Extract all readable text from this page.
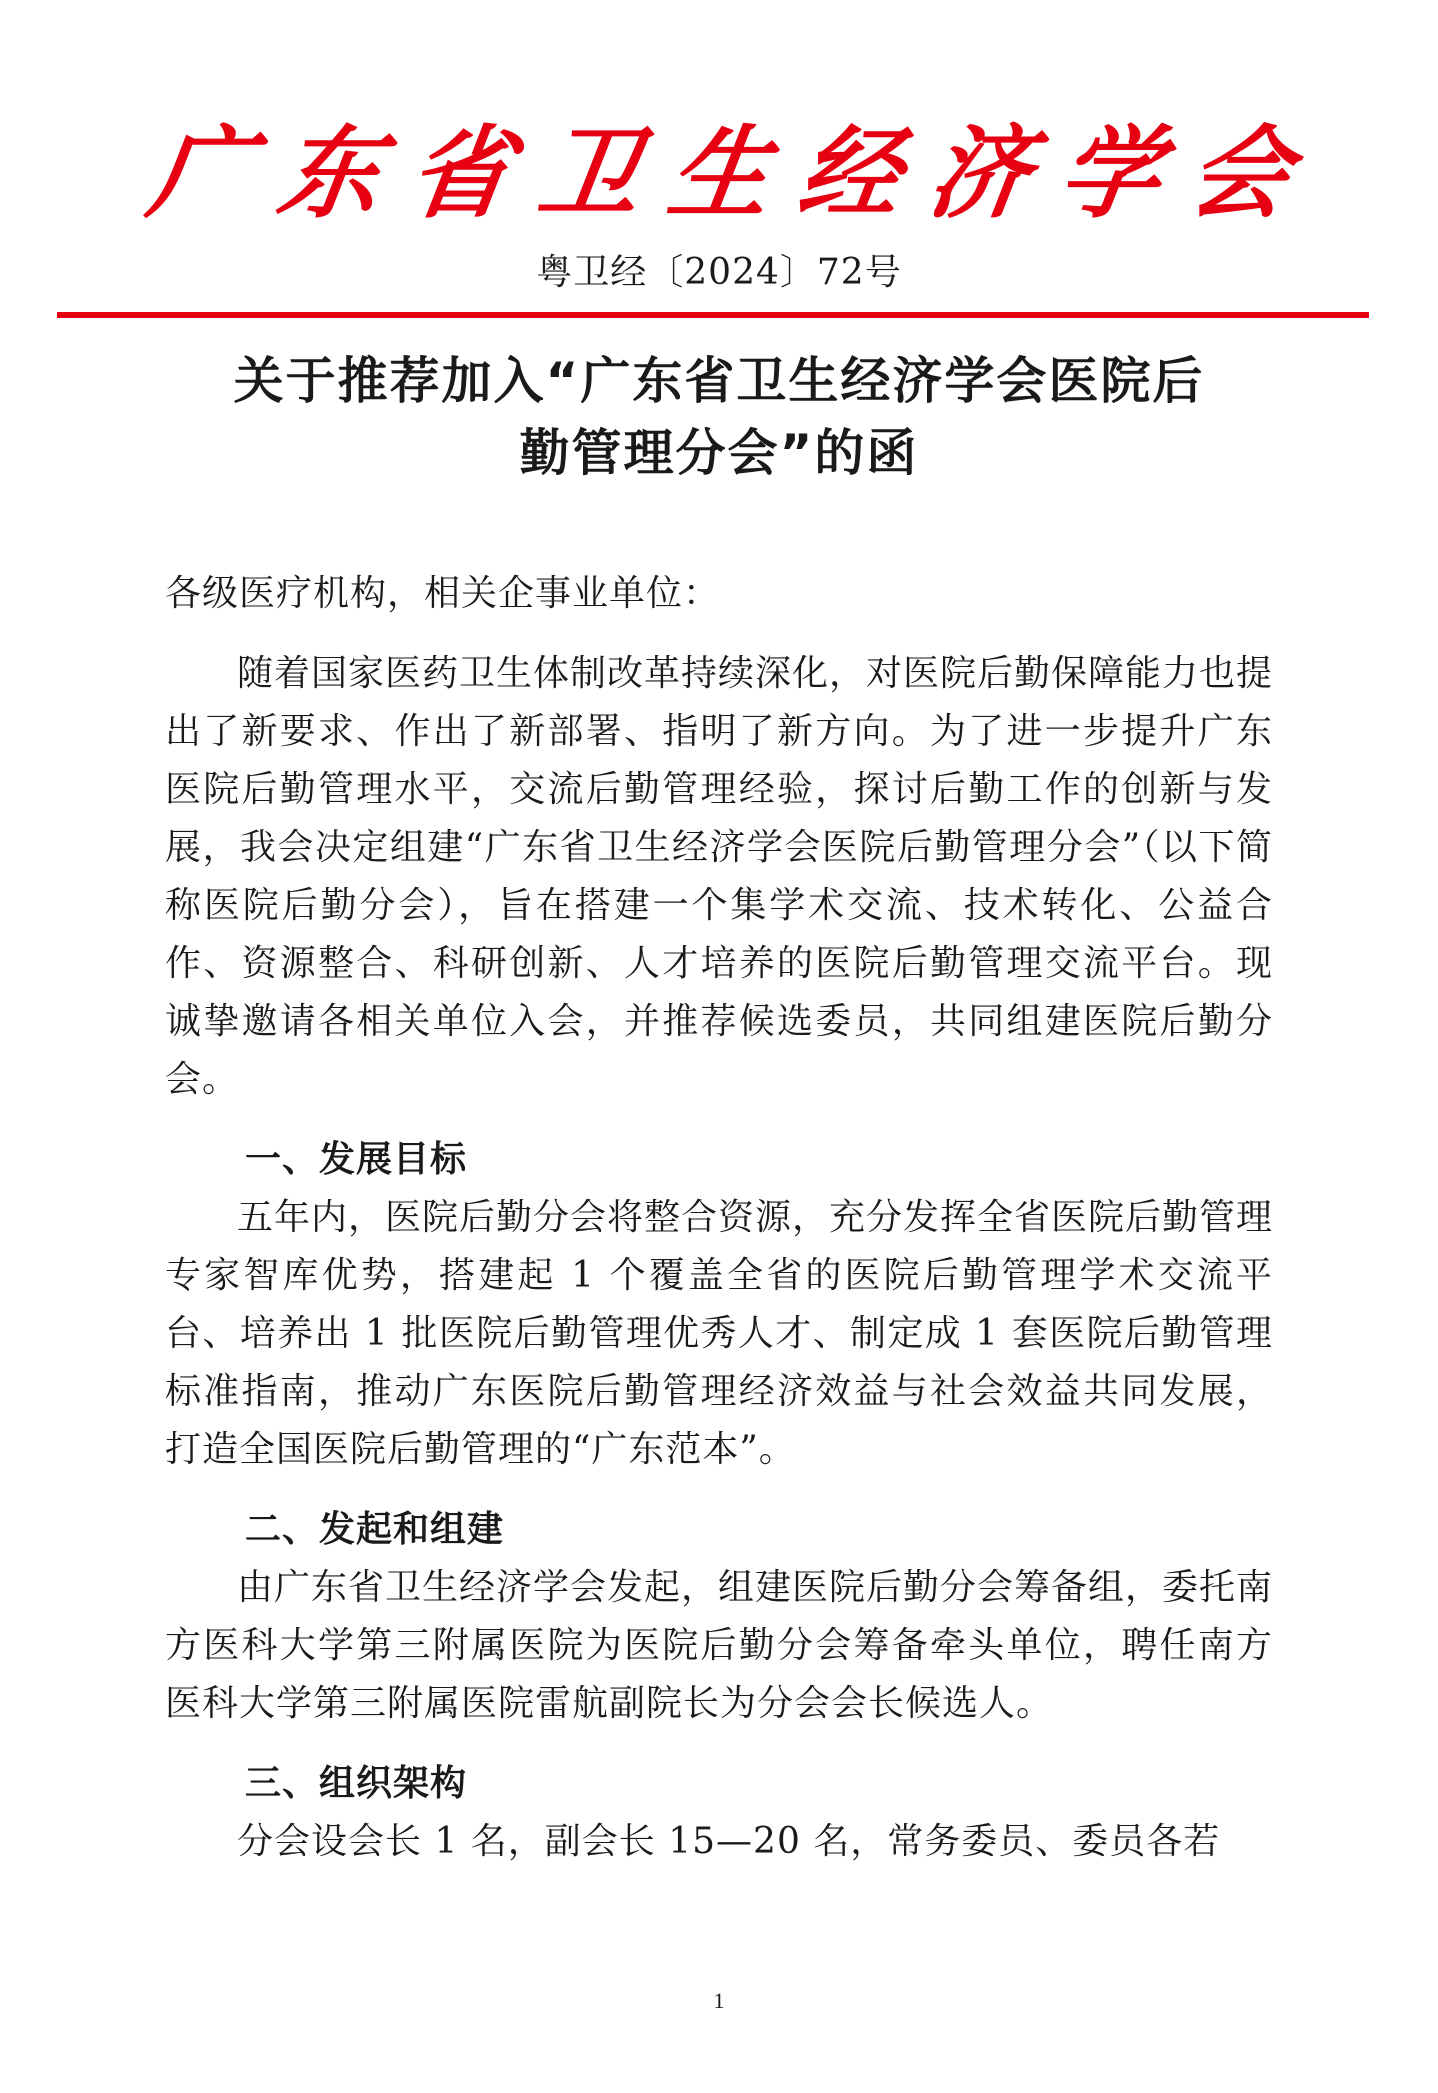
广 东 省 卫 生 经 济 学 会
粤卫经〔2024〕72号
关于推荐加入“广东省卫生经济学会医院后
勤管理分会”的函

各级医疗机构，相关企事业单位：

随着国家医药卫生体制改革持续深化，对医院后勤保障能力也提出了新要求、作出了新部署、指明了新方向。为了进一步提升广东医院后勤管理水平，交流后勤管理经验，探讨后勤工作的创新与发展，我会决定组建“广东省卫生经济学会医院后勤管理分会”（以下简称医院后勤分会），旨在搭建一个集学术交流、技术转化、公益合作、资源整合、科研创新、人才培养的医院后勤管理交流平台。现诚挚邀请各相关单位入会，并推荐候选委员，共同组建医院后勤分会。

一、发展目标

五年内，医院后勤分会将整合资源，充分发挥全省医院后勤管理专家智库优势，搭建起 1 个覆盖全省的医院后勤管理学术交流平台、培养出 1 批医院后勤管理优秀人才、制定成 1 套医院后勤管理标准指南，推动广东医院后勤管理经济效益与社会效益共同发展，打造全国医院后勤管理的“广东范本”。

二、发起和组建

由广东省卫生经济学会发起，组建医院后勤分会筹备组，委托南方医科大学第三附属医院为医院后勤分会筹备牵头单位，聘任南方医科大学第三附属医院雷航副院长为分会会长候选人。

三、组织架构

分会设会长 1 名，副会长 15—20 名，常务委员、委员各若

1
